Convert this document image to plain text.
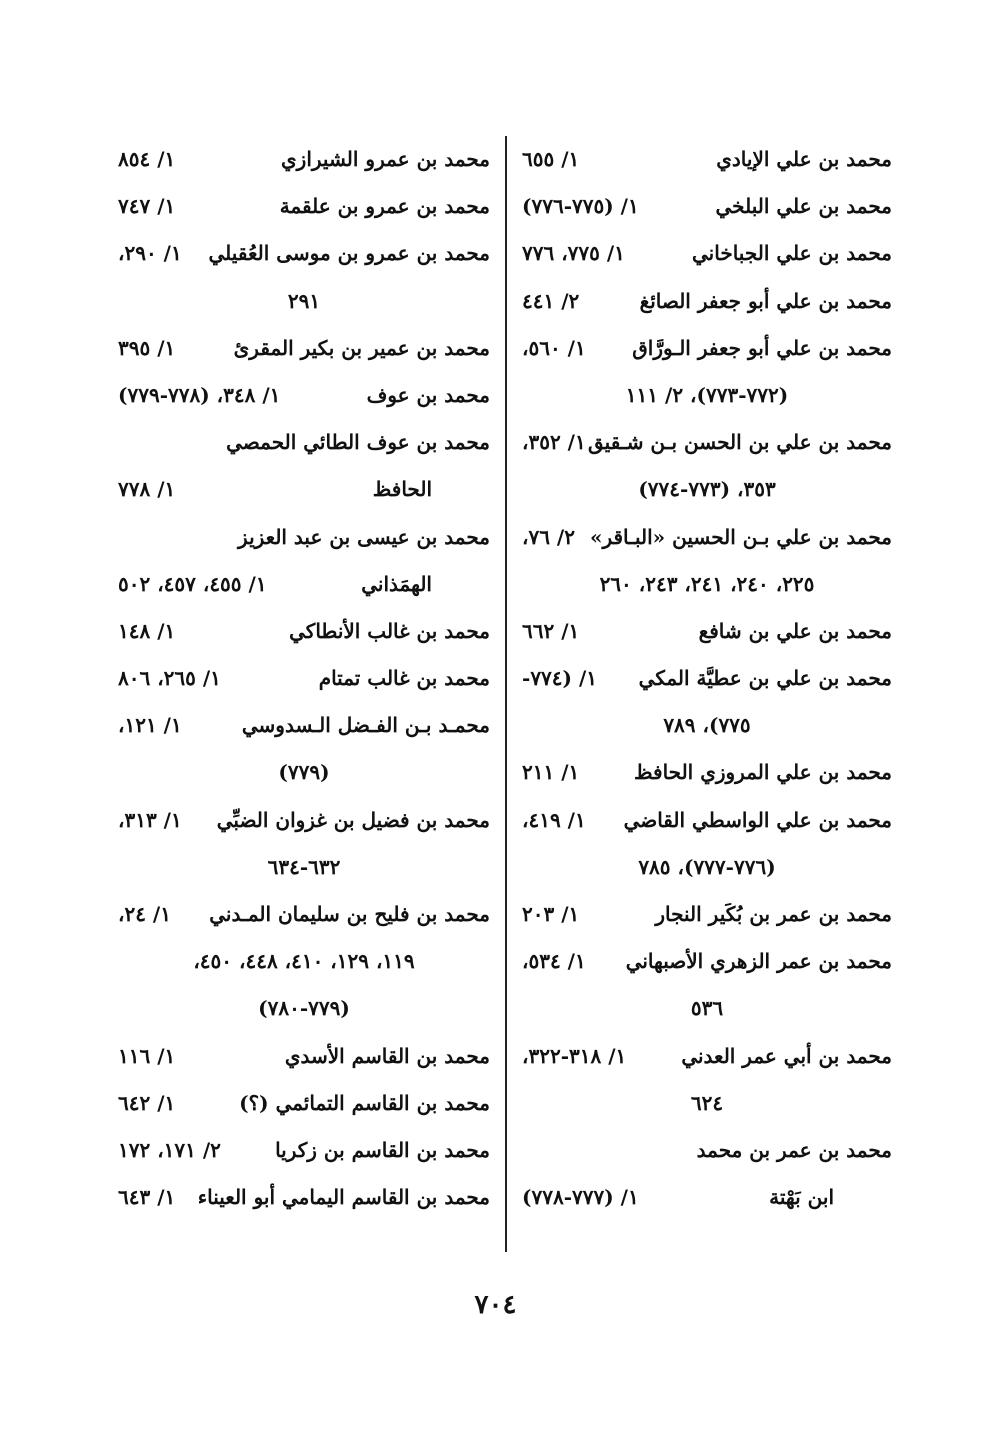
محمد بن علي الإيادي
١/ ٦٥٥
محمد بن علي البلخي
١/ (٧٧٥-٧٧٦)
محمد بن علي الجباخاني
١/ ٧٧٥، ٧٧٦
محمد بن علي أبو جعفر الصائغ
٢/ ٤٤١
محمد بن علي أبو جعفر الـورَّاق
١/ ٥٦٠،
(٧٧٢-٧٧٣)، ٢/ ١١١
محمد بن علي بن الحسن بـن شـقيق
١/ ٣٥٢،
٣٥٣، (٧٧٣-٧٧٤)
محمد بن علي بـن الحسين «البـاقر»
٢/ ٧٦،
٢٢٥، ٢٤٠، ٢٤١، ٢٤٣، ٢٦٠
محمد بن علي بن شافع
١/ ٦٦٢
محمد بن علي بن عطيَّة المكي
١/ (٧٧٤-
٧٧٥)، ٧٨٩
محمد بن علي المروزي الحافظ
١/ ٢١١
محمد بن علي الواسطي القاضي
١/ ٤١٩،
(٧٧٦-٧٧٧)، ٧٨٥
محمد بن عمر بن بُكَير النجار
١/ ٢٠٣
محمد بن عمر الزهري الأصبهاني
١/ ٥٣٤،
٥٣٦
محمد بن أبي عمر العدني
١/ ٣١٨-٣٢٢،
٦٢٤
محمد بن عمر بن محمد
ابن بَهْتة
١/ (٧٧٧-٧٧٨)
محمد بن عمرو الشيرازي
١/ ٨٥٤
محمد بن عمرو بن علقمة
١/ ٧٤٧
محمد بن عمرو بن موسى العُقيلي
١/ ٢٩٠،
٢٩١
محمد بن عمير بن بكير المقرئ
١/ ٣٩٥
محمد بن عوف
١/ ٣٤٨، (٧٧٨-٧٧٩)
محمد بن عوف الطائي الحمصي
الحافظ
١/ ٧٧٨
محمد بن عيسى بن عبد العزيز
الهمَذاني
١/ ٤٥٥، ٤٥٧، ٥٠٢
محمد بن غالب الأنطاكي
١/ ١٤٨
محمد بن غالب تمتام
١/ ٢٦٥، ٨٠٦
محمـد بـن الفـضل الـسدوسي
١/ ١٢١،
(٧٧٩)
محمد بن فضيل بن غزوان الضبِّي
١/ ٣١٣،
٦٣٢-٦٣٤
محمد بن فليح بن سليمان المـدني
١/ ٢٤،
١١٩، ١٢٩، ٤١٠، ٤٤٨، ٤٥٠،
(٧٧٩-٧٨٠)
محمد بن القاسم الأسدي
١/ ١١٦
محمد بن القاسم التمائمي (؟)
١/ ٦٤٢
محمد بن القاسم بن زكريا
٢/ ١٧١، ١٧٢
محمد بن القاسم اليمامي أبو العيناء
١/ ٦٤٣
٧٠٤
